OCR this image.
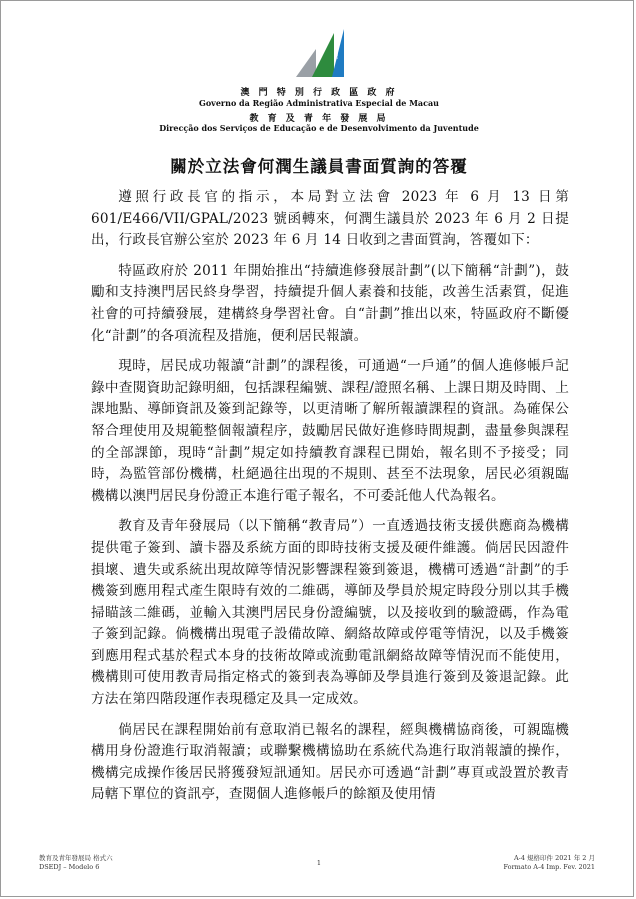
DSEDJ
澳 門 特 別 行 政 區 政 府
Governo da Região Administrativa Especial de Macau
教 育 及 青 年 發 展 局
Direcção dos Serviços de Educação e de Desenvolvimento da Juventude
關於立法會何潤生議員書面質詢的答覆

遵照行政長官的指示，本局對立法會 2023 年 6 月 13 日第 601/E466/VII/GPAL/2023 號函轉來，何潤生議員於 2023 年 6 月 2 日提出，行政長官辦公室於 2023 年 6 月 14 日收到之書面質詢，答覆如下：

特區政府於 2011 年開始推出“持續進修發展計劃”(以下簡稱“計劃”)，鼓勵和支持澳門居民終身學習，持續提升個人素養和技能，改善生活素質，促進社會的可持續發展，建構終身學習社會。自“計劃”推出以來，特區政府不斷優化“計劃”的各項流程及措施，便利居民報讀。

現時，居民成功報讀“計劃”的課程後，可通過“一戶通”的個人進修帳戶記錄中查閱資助記錄明細，包括課程編號、課程/證照名稱、上課日期及時間、上課地點、導師資訊及簽到記錄等，以更清晰了解所報讀課程的資訊。為確保公帑合理使用及規範整個報讀程序，鼓勵居民做好進修時間規劃，盡量參與課程的全部課節，現時“計劃”規定如持續教育課程已開始，報名則不予接受；同時，為監管部份機構，杜絕過往出現的不規則、甚至不法現象，居民必須親臨機構以澳門居民身份證正本進行電子報名，不可委託他人代為報名。

教育及青年發展局（以下簡稱“教青局”）一直透過技術支援供應商為機構提供電子簽到、讀卡器及系統方面的即時技術支援及硬件維護。倘居民因證件損壞、遺失或系統出現故障等情況影響課程簽到簽退，機構可透過“計劃”的手機簽到應用程式產生限時有效的二維碼，導師及學員於規定時段分別以其手機掃瞄該二維碼，並輸入其澳門居民身份證編號，以及接收到的驗證碼，作為電子簽到記錄。倘機構出現電子設備故障、網絡故障或停電等情況，以及手機簽到應用程式基於程式本身的技術故障或流動電訊網絡故障等情況而不能使用，機構則可使用教青局指定格式的簽到表為導師及學員進行簽到及簽退記錄。此方法在第四階段運作表現穩定及具一定成效。

倘居民在課程開始前有意取消已報名的課程，經與機構協商後，可親臨機構用身份證進行取消報讀；或聯繫機構協助在系統代為進行取消報讀的操作，機構完成操作後居民將獲發短訊通知。居民亦可透過“計劃”專頁或設置於教青局轄下單位的資訊亭，查閱個人進修帳戶的餘額及使用情

教育及青年發展局 格式六
DSEDJ – Modelo 6	1
A-4 規格印件 2021 年 2 月
Formato A-4 Imp. Fev. 2021
